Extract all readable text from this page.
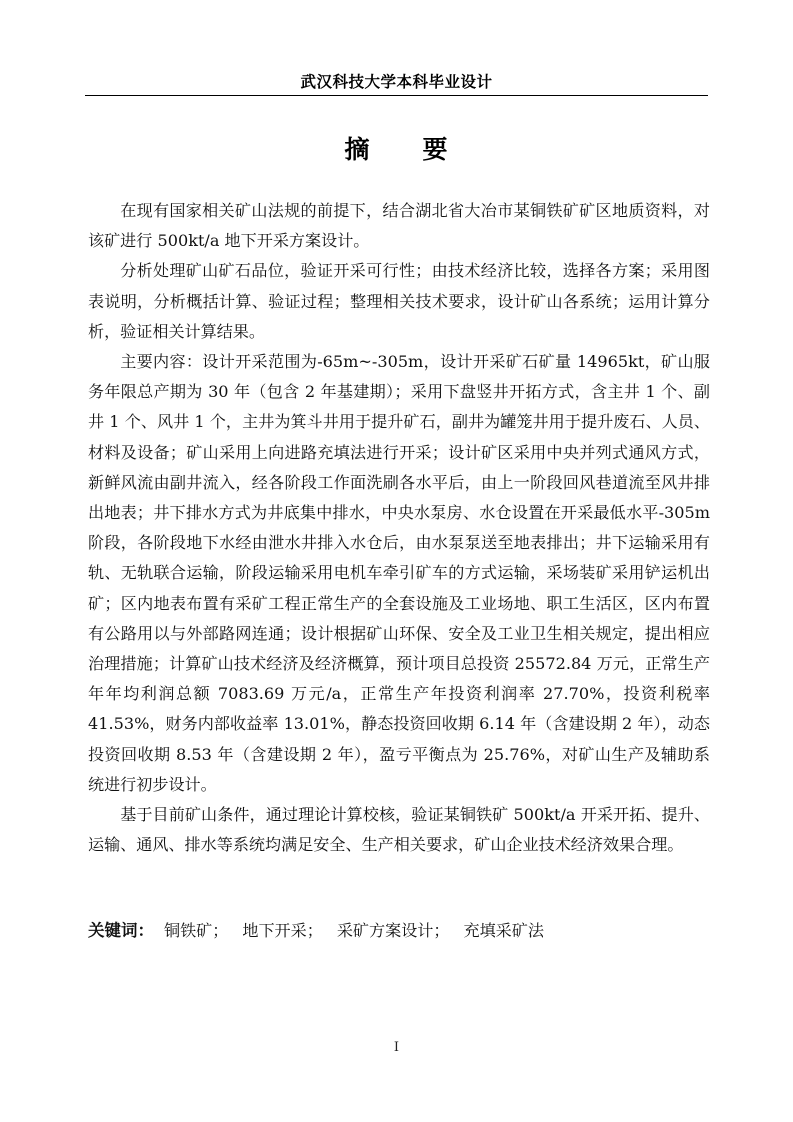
武汉科技大学本科毕业设计
摘　　要

在现有国家相关矿山法规的前提下，结合湖北省大冶市某铜铁矿矿区地质资料，对该矿进行 500kt/a 地下开采方案设计。

分析处理矿山矿石品位，验证开采可行性；由技术经济比较，选择各方案；采用图表说明，分析概括计算、验证过程；整理相关技术要求，设计矿山各系统；运用计算分析，验证相关计算结果。

主要内容：设计开采范围为-65m~-305m，设计开采矿石矿量 14965kt，矿山服务年限总产期为 30 年（包含 2 年基建期）；采用下盘竖井开拓方式，含主井 1 个、副井 1 个、风井 1 个，主井为箕斗井用于提升矿石，副井为罐笼井用于提升废石、人员、材料及设备；矿山采用上向进路充填法进行开采；设计矿区采用中央并列式通风方式，新鲜风流由副井流入，经各阶段工作面洗刷各水平后，由上一阶段回风巷道流至风井排出地表；井下排水方式为井底集中排水，中央水泵房、水仓设置在开采最低水平-305m 阶段，各阶段地下水经由泄水井排入水仓后，由水泵泵送至地表排出；井下运输采用有轨、无轨联合运输，阶段运输采用电机车牵引矿车的方式运输，采场装矿采用铲运机出矿；区内地表布置有采矿工程正常生产的全套设施及工业场地、职工生活区，区内布置有公路用以与外部路网连通；设计根据矿山环保、安全及工业卫生相关规定，提出相应治理措施；计算矿山技术经济及经济概算，预计项目总投资 25572.84 万元，正常生产年年均利润总额 7083.69 万元/a，正常生产年投资利润率 27.70%，投资利税率 41.53%，财务内部收益率 13.01%，静态投资回收期 6.14 年（含建设期 2 年），动态投资回收期 8.53 年（含建设期 2 年），盈亏平衡点为 25.76%，对矿山生产及辅助系统进行初步设计。

基于目前矿山条件，通过理论计算校核，验证某铜铁矿 500kt/a 开采开拓、提升、运输、通风、排水等系统均满足安全、生产相关要求，矿山企业技术经济效果合理。

关键词： 铜铁矿； 地下开采； 采矿方案设计； 充填采矿法
I
